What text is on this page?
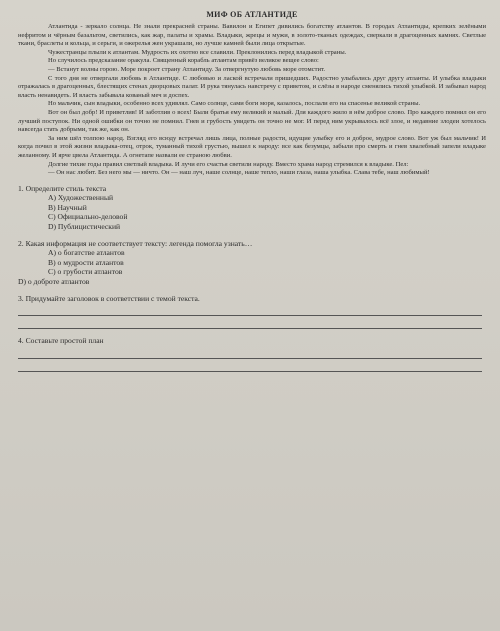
МИФ ОБ АТЛАНТИДЕ

Атлантида - зеркало солнца. Не знали прекрасней страны. Вавилон и Египет дивились богатству атлантов. В городах Атлантиды, крепких зелёными нефритом и чёрным базальтом, светились, как жар, палаты и храмы. Владыки, жрецы и мужи, в золото-тканых одеждах, сверкали в драгоценных камнях. Светлые ткани, браслеты и кольца, и серьги, и ожерелья жен украшали, но лучше камней были лица открытые.

Чужестранцы плыли к атлантам. Мудрость их охотно все славили. Преклонились перед владыкой страны.

Но случилось предсказание оракула. Священный корабль атлантам привёз великое вещее слово:

— Встанут волны горою. Море покроет страну Атлантиду. За отвергнутую любовь море отомстит.

С того дня не отвергали любовь в Атлантиде. С любовью и лаской встречали пришедших. Радостно улыбались друг другу атланты. И улыбка владыки отражалась в драгоценных, блестящих стенах дворцовых палат. И рука тянулась навстречу с приветом, и слёзы в народе сменялись тихой улыбкой. И забывал народ власть ненавидеть. И власть забывала кованый меч и доспех.

Но мальчик, сын владыки, особенно всех удивлял. Само солнце, сами боги моря, казалось, послали его на спасенье великой страны.

Вот он был добр! И приветлив! И заботлив о всех! Были братья ему великий и малый. Для каждого жило в нём доброе слово. Про каждого помнил он его лучший поступок. Ни одной ошибки он точно не помнил. Гнев и грубость увидеть он точно не мог. И перед ним укрывалось всё злое, и недавние злодеи хотелось навсегда стать добрыми, так же, как он.

За ним шёл толпою народ. Взгляд его всюду встречал лишь лица, полные радости, идущие улыбку его и доброе, мудрое слово. Вот уж был мальчик! И когда почил в этой жизни владыка-отец, отрок, туманный тихой грустью, вышел к народу: все как безумцы, забыли про смерть и гнев хвалебный запели владыке желанному. И ярче цвела Атлантида. А огнетапе назвали ее страною любви.

Долгие тихие годы правил светлый владыка. И лучи его счастья светили народу. Вместо храма народ стремился к владыке. Пел:

— Он нас любит. Без него мы — ничто. Он — наш луч, наше солнце, наше тепло, наши глаза, наша улыбка. Слава тебе, наш любимый!

1. Определите стиль текста

A) Художественный

B) Научный

C) Официально-деловой

D) Публицистический

2. Какая информация не соответствует тексту: легенда помогла узнать…

A) о богатстве атлантов

B) о мудрости атлантов

C) о грубости атлантов

D) о доброте атлантов

3. Придумайте заголовок в соответствии с темой текста.

4. Составьте простой план
